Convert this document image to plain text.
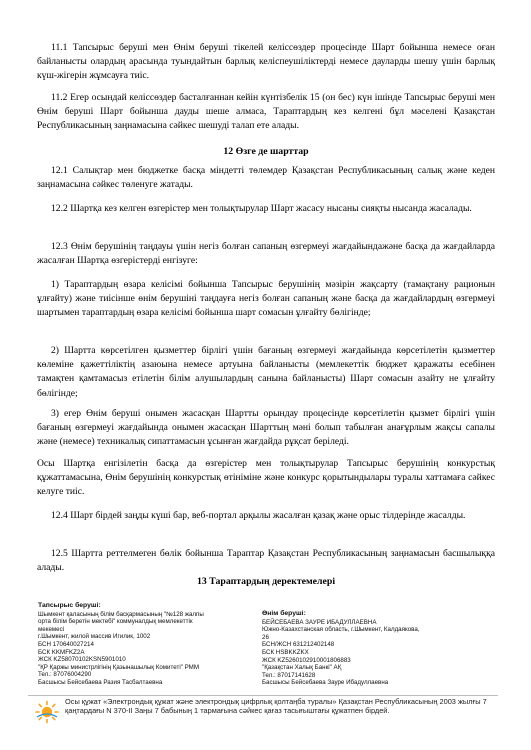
11.1 Тапсырыс беруші мен Өнім беруші тікелей келіссөздер процесінде Шарт бойынша немесе оған байланысты олардың арасында туындайтын барлық келіспеушіліктерді немесе дауларды шешу үшін барлық күш-жігерін жұмсауға тиіс.

11.2 Егер осындай келіссөздер басталғаннан кейін күнтізбелік 15 (он бес) күн ішінде Тапсырыс беруші мен Өнім беруші Шарт бойынша дауды шеше алмаса, Тараптардың кез келгені бұл мәселені Қазақстан Республикасының заңнамасына сәйкес шешуді талап ете алады.

12 Өзге де шарттар

12.1 Салықтар мен бюджетке басқа міндетті төлемдер Қазақстан Республикасының салық және кеден заңнамасына сәйкес төленуге жатады.

12.2 Шартқа кез келген өзгерістер мен толықтырулар Шарт жасасу нысаны сияқты нысанда жасалады.

12.3 Өнім берушінің таңдауы үшін негіз болған сапаның өзгермеуі жағдайындажәне басқа да жағдайларда жасалған Шартқа өзгерістерді енгізуге:

1) Тараптардың өзара келісімі бойынша Тапсырыс берушінің мәзірін жақсарту (тамақтану рационын ұлғайту) және тиісінше өнім берушіні таңдауға негіз болған сапаның және басқа да жағдайлардың өзгермеуі шартымен тараптардың өзара келісімі бойынша шарт сомасын ұлғайту бөлігінде;

2) Шартта көрсетілген қызметтер бірлігі үшін бағаның өзгермеуі жағдайында көрсетілетін қызметтер көлеміне қажеттіліктің азаюына немесе артуына байланысты (мемлекеттік бюджет қаражаты есебінен тамақтен қамтамасыз етілетін білім алушылардың санына байланысты) Шарт сомасын азайту не ұлғайту бөлігінде;

3) егер Өнім беруші онымен жасасқан Шартты орындау процесінде көрсетілетін қызмет бірлігі үшін бағаның өзгермеуі жағдайында онымен жасасқан Шарттың мәні болып табылған анағұрлым жақсы сапалы және (немесе) техникалық сипаттамасын ұсынған жағдайда рұқсат беріледі.

Осы Шартқа енгізілетін басқа да өзгерістер мен толықтырулар Тапсырыс берушінің конкурстық құжаттамасына, Өнім берушінің конкурстық өтініміне және конкурс қорытындылары туралы хаттамаға сәйкес келуге тиіс.

12.4 Шарт бірдей заңды күші бар, веб-портал арқылы жасалған қазақ және орыс тілдерінде жасалды.

12.5 Шартта реттелмеген бөлік бойынша Тараптар Қазақстан Республикасының заңнамасын басшылыққа алады.

13 Тараптардың деректемелері

Тапсырыс беруші:
Шымкент қаласының білім басқармасының "№128 жалпы
орта білім беретін мектебі" коммуналдық мемлекеттік
мекемесі
г.Шымкент, жилой массив Игилик, 1002
БСН 170640027214
БСК KKMFKZ2A
ЖСК KZ58070102KSN5901010
"ҚР Қаржы министрлігінің Қазынашылық Комитеті" РММ
Тел.: 87076004290
Басшысы Бейсебаева Разия Тасбалтаевна
Өнім беруші:
БЕЙСЕБАЕВА ЗАУРЕ ИБАДУЛЛАЕВНА
Южно-Казахстанская область, г.Шымкент, Калдаякова,
26
БСН/ЖСН 631212402148
БСК HSBKKZKX
ЖСК KZ5260102910001806883
"Қазақстан Халық Банкі" АҚ
Тел.: 87017141628
Басшысы Бейсебаева Зауре Ибадуллаевна
Осы құжат «Электрондық құжат және электрондық цифрлық қолтаңба туралы» Қазақстан Республикасының 2003 жылғы 7 қаңтардағы N 370-II Заңы 7 бабының 1 тармағына сәйкес қағаз тасығыштағы құжатпен бірдей.
